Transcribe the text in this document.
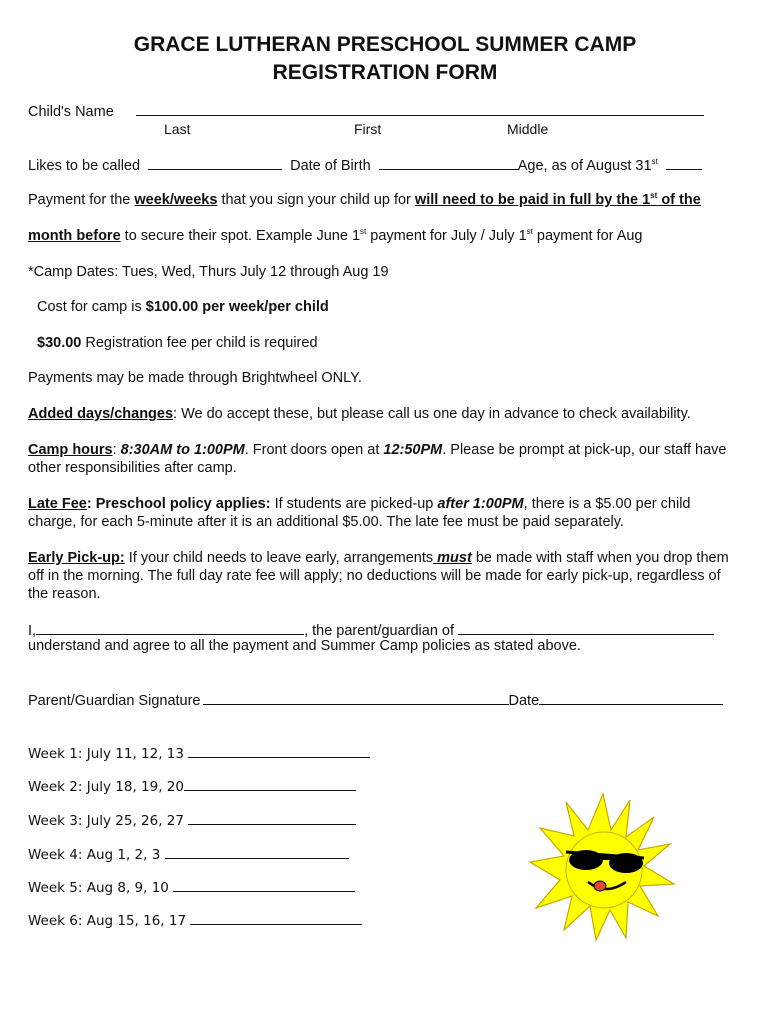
GRACE LUTHERAN PRESCHOOL SUMMER CAMP
REGISTRATION FORM
Child's Name
Last	First	Middle
Likes to be called	Date of Birth	Age, as of August 31st
Payment for the week/weeks that you sign your child up for will need to be paid in full by the 1st of the
month before to secure their spot. Example June 1st payment for July / July 1st payment for Aug
*Camp Dates: Tues, Wed, Thurs July 12 through Aug 19
Cost for camp is $100.00 per week/per child
$30.00 Registration fee per child is required
Payments may be made through Brightwheel ONLY.
Added days/changes: We do accept these, but please call us one day in advance to check availability.
Camp hours: 8:30AM to 1:00PM. Front doors open at 12:50PM. Please be prompt at pick-up, our staff have other responsibilities after camp.
Late Fee: Preschool policy applies: If students are picked-up after 1:00PM, there is a $5.00 per child charge, for each 5-minute after it is an additional $5.00. The late fee must be paid separately.
Early Pick-up: If your child needs to leave early, arrangements must be made with staff when you drop them off in the morning. The full day rate fee will apply; no deductions will be made for early pick-up, regardless of the reason.
I,	, the parent/guardian of
understand and agree to all the payment and Summer Camp policies as stated above.
Parent/Guardian Signature	Date
Week 1: July 11, 12, 13
Week 2: July 18, 19, 20
Week 3: July 25, 26, 27
Week 4: Aug 1, 2, 3
Week 5: Aug 8, 9, 10
Week 6: Aug 15, 16, 17
